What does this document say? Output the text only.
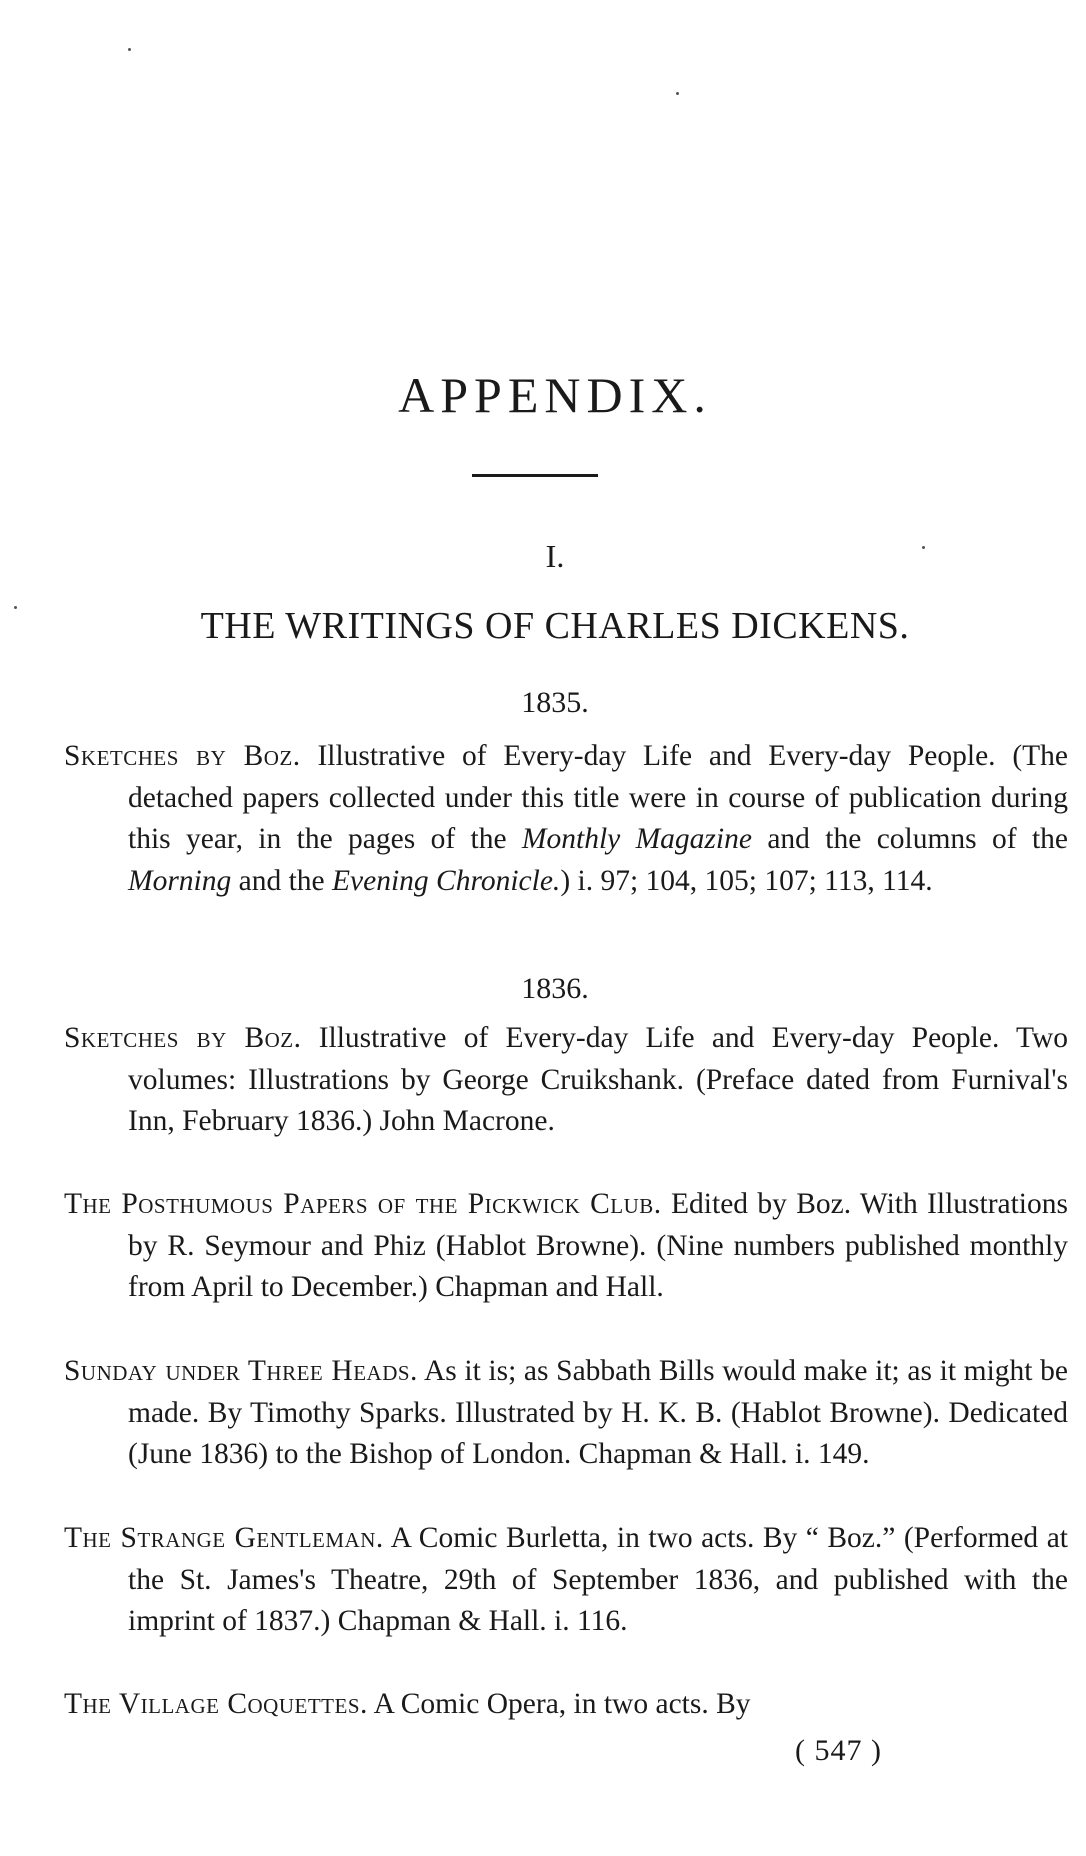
APPENDIX.
I.
THE WRITINGS OF CHARLES DICKENS.
1835.
Sketches by Boz. Illustrative of Every-day Life and Every-day People. (The detached papers collected under this title were in course of publication during this year, in the pages of the Monthly Magazine and the columns of the Morning and the Evening Chronicle.) i. 97; 104, 105; 107; 113, 114.
1836.
Sketches by Boz. Illustrative of Every-day Life and Every-day People. Two volumes: Illustrations by George Cruikshank. (Preface dated from Furnival's Inn, February 1836.) John Macrone.
The Posthumous Papers of the Pickwick Club. Edited by Boz. With Illustrations by R. Seymour and Phiz (Hablot Browne). (Nine numbers published monthly from April to December.) Chapman and Hall.
Sunday under Three Heads. As it is; as Sabbath Bills would make it; as it might be made. By Timothy Sparks. Illustrated by H. K. B. (Hablot Browne). Dedicated (June 1836) to the Bishop of London. Chapman & Hall. i. 149.
The Strange Gentleman. A Comic Burletta, in two acts. By “ Boz.” (Performed at the St. James's Theatre, 29th of September 1836, and published with the imprint of 1837.) Chapman & Hall. i. 116.
The Village Coquettes. A Comic Opera, in two acts. By
( 547 )
